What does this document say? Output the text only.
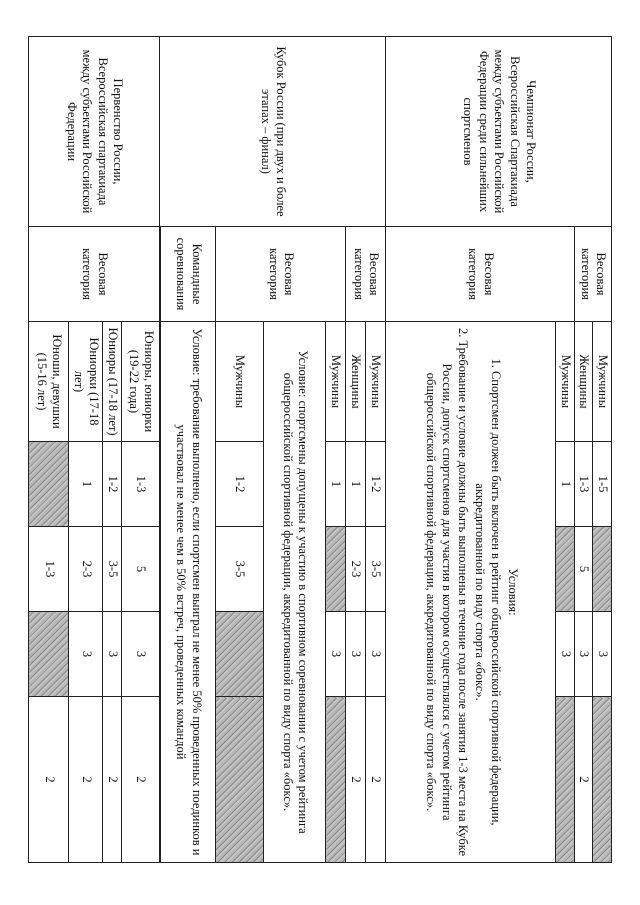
Чемпионат России, Всероссийская Спартакиада между субъектами Российской Федерации среди сильнейших спортсменов	Весовая категория	Мужчины	1-5		3	
		Женщины	1-3	5	3	2
	Весовая категория	Мужчины	1		3	

		Условия:

1. Спортсмен должен быть включен в рейтинг общероссийской спортивной федерации, аккредитованной по виду спорта «бокс».

2. Требование и условие должны быть выполнены в течение года после занятия 1-3 места на Кубке России, допуск спортсменов для участия в котором осуществлялся с учетом рейтинга общероссийской спортивной федерации, аккредитованной по виду спорта «бокс».				

Кубок России (при двух и более этапах – финал)	Весовая категория	Мужчины	1-2	3-5	3	2
		Женщины	1	2-3	3	2
	Весовая категория	Мужчины	1		3	
		Условие: спортсмены допущены к участию в спортивном соревновании с учетом рейтинга общероссийской спортивной федерации, аккредитованной по виду спорта «бокс».				
		Мужчины	1-2	3-5		
	Командные соревнования	Условие: требование выполнено, если спортсмен выиграл не менее 50% проведенных поединков и участвовал не менее чем в 50% встреч, проведенных командой				

Первенство России, Всероссийская спартакиада между субъектами Российской Федерации	Весовая категория	Юниоры, юниорки (19-22 года)	1-3	5	3	2
		Юниоры (17-18 лет)	1-2	3-5	3	2
		Юниорки (17-18 лет)	1	2-3	3	2
		Юноши, девушки (15-16 лет)		1-3		2
